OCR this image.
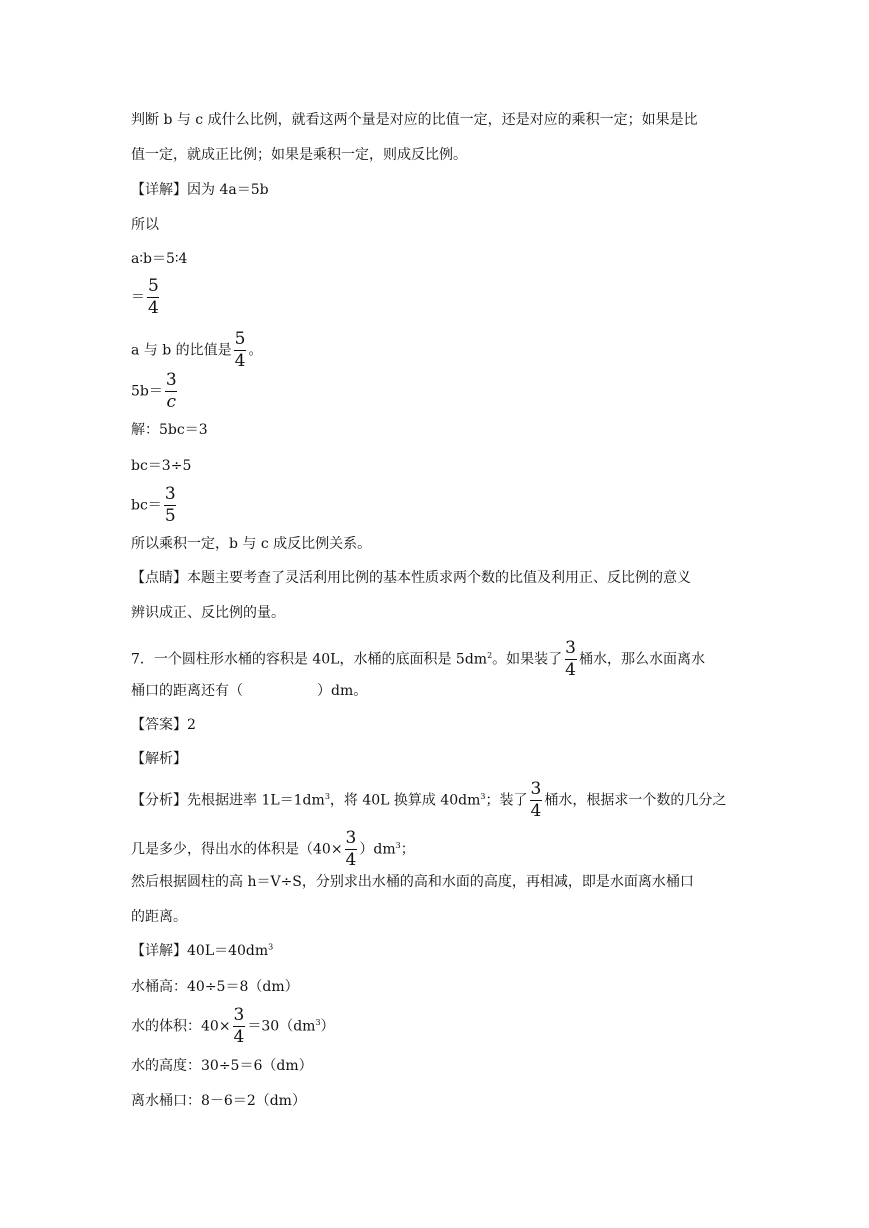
判断 b 与 c 成什么比例，就看这两个量是对应的比值一定，还是对应的乘积一定；如果是比
值一定，就成正比例；如果是乘积一定，则成反比例。
【详解】因为 4a＝5b
所以
a∶b＝5∶4
＝ $\frac{5}{4}$
a 与 b 的比值是 $\frac{5}{4}$ 。
$5b= \frac{3}{c}$
解：5bc＝3
bc＝3÷5
$bc= \frac{3}{5}$
所以乘积一定，b 与 c 成反比例关系。
【点睛】本题主要考查了灵活利用比例的基本性质求两个数的比值及利用正、反比例的意义
辨识成正、反比例的量。
7．一个圆柱形水桶的容积是 40L，水桶的底面积是 $5dm^2$。如果装了 $\frac{3}{4}$ 桶水，那么水面离水
桶口的距离还有（	）dm。
【答案】2
【解析】
【分析】先根据进率 $1L=1dm^3$，将 40L 换算成 $40dm^3$；装了 $\frac{3}{4}$ 桶水，根据求一个数的几分之
几是多少，得出水的体积是$(40\times \frac{3}{4} )dm^3$；
然后根据圆柱的高 h＝V÷S，分别求出水桶的高和水面的高度，再相减，即是水面离水桶口
的距离。
【详解】$40L=40dm^3$
水桶高：40÷5＝8（dm）
水的体积：$40\times \frac{3}{4} =30(dm^3)$
水的高度：30÷5＝6（dm）
离水桶口：8－6＝2（dm）
